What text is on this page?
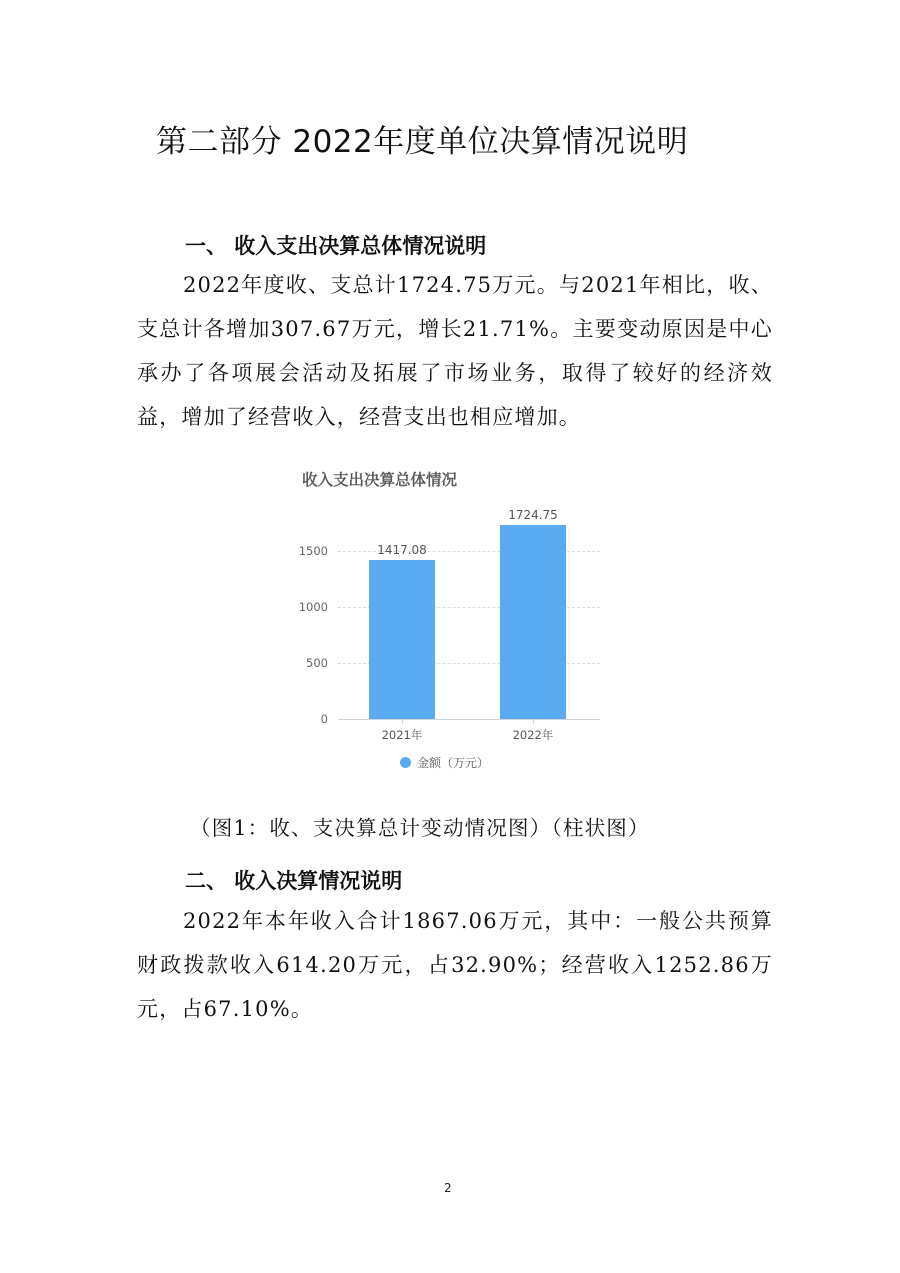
第二部分 2022年度单位决算情况说明
一、 收入支出决算总体情况说明
2022年度收、支总计1724.75万元。与2021年相比，收、支总计各增加307.67万元，增长21.71%。主要变动原因是中心承办了各项展会活动及拓展了市场业务，取得了较好的经济效益，增加了经营收入，经营支出也相应增加。
收入支出决算总体情况
1500
1000
500
0
1417.08
1724.75
2021年	2022年
金额（万元）
（图1：收、支决算总计变动情况图）（柱状图）
二、 收入决算情况说明
2022年本年收入合计1867.06万元，其中：一般公共预算财政拨款收入614.20万元，占32.90%；经营收入1252.86万元，占67.10%。
2
